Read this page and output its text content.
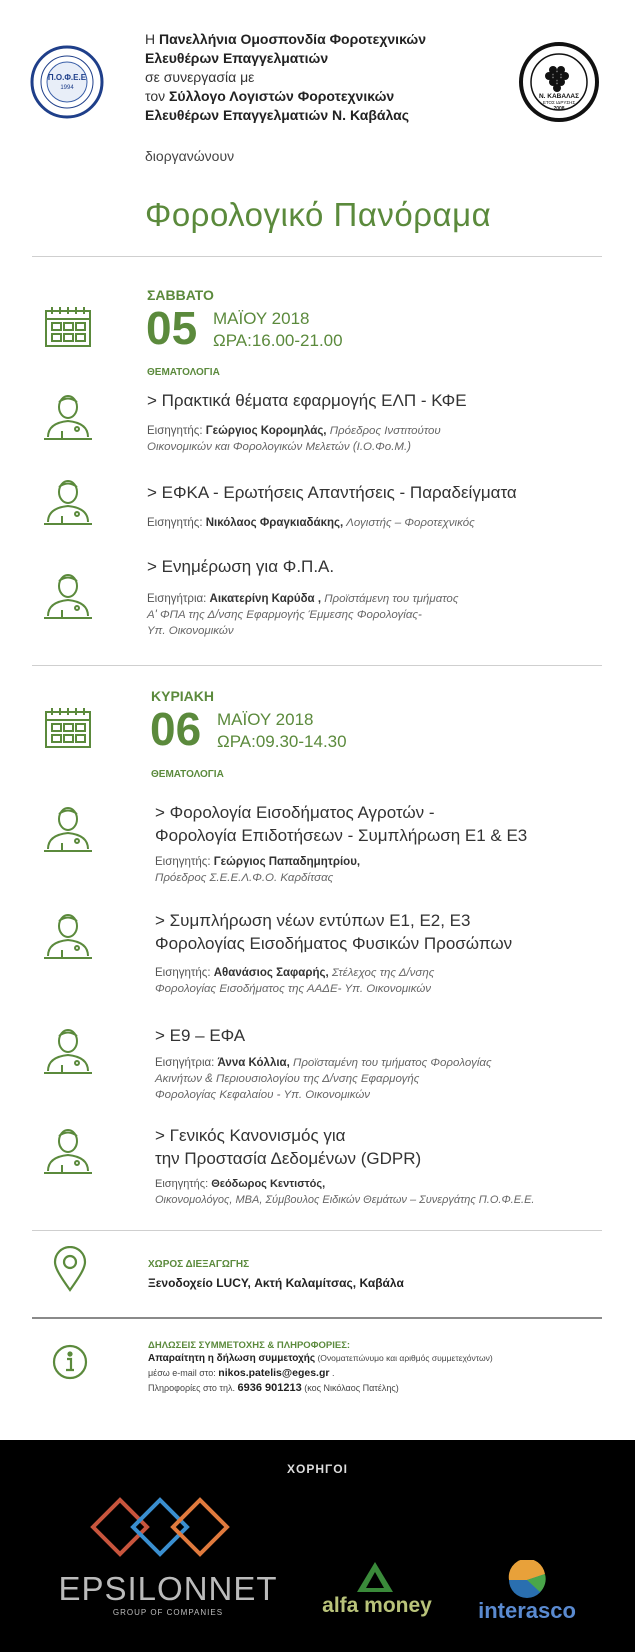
Π.Ο.Φ.Ε.Ε
1994
Ν. ΚΑΒΑΛΑΣ
ΕΤΟΣ ΙΔΡΥΣΗΣ
2008
Η Πανελλήνια Ομοσπονδία Φοροτεχνικών
Ελευθέρων Επαγγελματιών
σε συνεργασία με
τον Σύλλογο Λογιστών Φοροτεχνικών
Ελευθέρων Επαγγελματιών Ν. Καβάλας
διοργανώνουν
Φορολογικό Πανόραμα
ΣΑΒΒΑΤΟ
05 ΜΑΪΟΥ 2018
ΩΡΑ:16.00-21.00
ΘΕΜΑΤΟΛΟΓΙΑ
> Πρακτικά θέματα εφαρμογής ΕΛΠ - ΚΦΕ
Εισηγητής: Γεώργιος Κορομηλάς, Πρόεδρος Ινστιτούτου
Οικονομικών και Φορολογικών Μελετών (Ι.Ο.Φο.Μ.)
> ΕΦΚΑ - Ερωτήσεις Απαντήσεις - Παραδείγματα
Εισηγητής: Νικόλαος Φραγκιαδάκης, Λογιστής – Φοροτεχνικός
> Ενημέρωση για Φ.Π.Α.
Εισηγήτρια: Αικατερίνη Καρύδα , Προϊστάμενη του τμήματος
Α' ΦΠΑ της Δ/νσης Εφαρμογής Έμμεσης Φορολογίας-
Υπ. Οικονομικών
ΚΥΡΙΑΚΗ
06 ΜΑΪΟΥ 2018
ΩΡΑ:09.30-14.30
ΘΕΜΑΤΟΛΟΓΙΑ
> Φορολογία Εισοδήματος Αγροτών -
Φορολογία Επιδοτήσεων - Συμπλήρωση Ε1 & Ε3
Εισηγητής: Γεώργιος Παπαδημητρίου,
Πρόεδρος Σ.Ε.Ε.Λ.Φ.Ο. Καρδίτσας
> Συμπλήρωση νέων εντύπων Ε1, Ε2, Ε3
Φορολογίας Εισοδήματος Φυσικών Προσώπων
Εισηγητής: Αθανάσιος Σαφαρής, Στέλεχος της Δ/νσης
Φορολογίας Εισοδήματος της ΑΑΔΕ- Υπ. Οικονομικών
> Ε9 – ΕΦΑ
Εισηγήτρια: Άννα Κόλλια, Προϊσταμένη του τμήματος Φορολογίας
Ακινήτων & Περιουσιολογίου της Δ/νσης Εφαρμογής
Φορολογίας Κεφαλαίου - Υπ. Οικονομικών
> Γενικός Κανονισμός για
την Προστασία Δεδομένων (GDPR)
Εισηγητής: Θεόδωρος Κεντιστός,
Οικονομολόγος, ΜΒΑ, Σύμβουλος Ειδικών Θεμάτων – Συνεργάτης Π.Ο.Φ.Ε.Ε.
ΧΩΡΟΣ ΔΙΕΞΑΓΩΓΗΣ
Ξενοδοχείο LUCY, Ακτή Καλαμίτσας, Καβάλα
ΔΗΛΩΣΕΙΣ ΣΥΜΜΕΤΟΧΗΣ & ΠΛΗΡΟΦΟΡΙΕΣ:
Απαραίτητη η δήλωση συμμετοχής (Ονοματεπώνυμο και αριθμός συμμετεχόντων)
μέσω e-mail στο: nikos.patelis@eges.gr .
Πληροφορίες στο τηλ. 6936 901213 (κος Νικόλαος Πατέλης)
ΧΟΡΗΓΟΙ
EPSILONNET
GROUP OF COMPANIES	alfa money	interasco
